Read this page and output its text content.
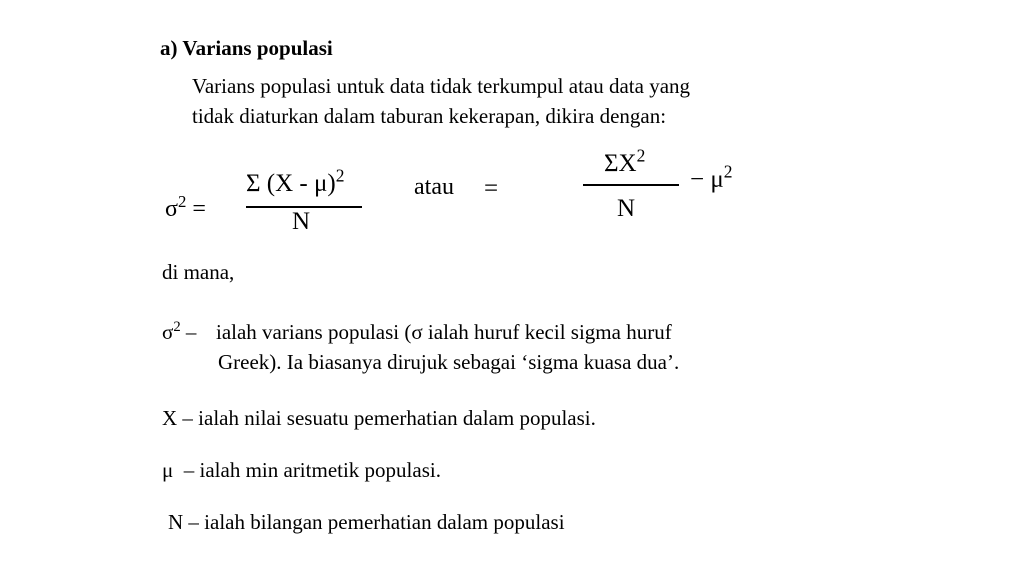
a) Varians populasi
Varians populasi untuk data tidak terkumpul atau data yang
tidak diaturkan dalam taburan kekerapan, dikira dengan:
$\sigma^2$ =
Σ (X - μ)$^2$
N
atau =
$\Sigma X^2$
N
− $\mu^2$
di mana,
$\sigma^2$ – ialah varians populasi (σ ialah huruf kecil sigma huruf
Greek). Ia biasanya dirujuk sebagai ‘sigma kuasa dua’.
X – ialah nilai sesuatu pemerhatian dalam populasi.
μ – ialah min aritmetik populasi.
N – ialah bilangan pemerhatian dalam populasi
